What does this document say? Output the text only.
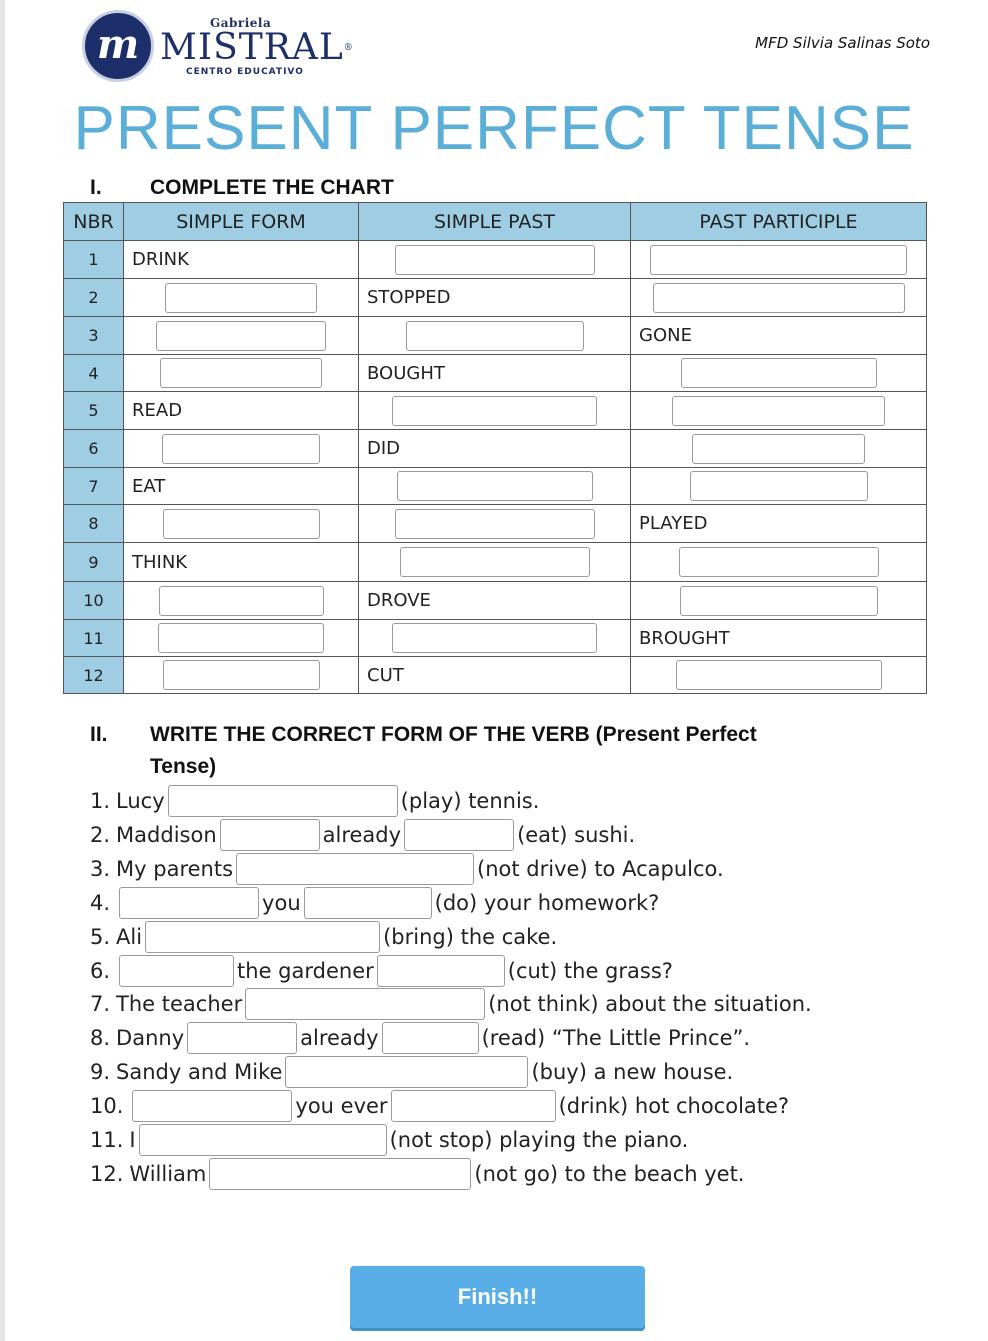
m	Gabriela
MISTRAL®
CENTRO EDUCATIVO
MFD Silvia Salinas Soto
PRESENT PERFECT TENSE
I. COMPLETE THE CHART
NBR	SIMPLE FORM	SIMPLE PAST	PAST PARTICIPLE
1	DRINK	

2		STOPPED	

3			GONE
4		BOUGHT	

5	READ	

6		DID	

7	EAT	

8			PLAYED
9	THINK	

10		DROVE	

11			BROUGHT
12		CUT	
II. WRITE THE CORRECT FORM OF THE VERB (Present Perfect
Tense)
1. Lucy	(play) tennis.
2. Maddison	already	(eat) sushi.
3. My parents	(not drive) to Acapulco.
4.	you	(do) your homework?
5. Ali	(bring) the cake.
6.	the gardener	(cut) the grass?
7. The teacher	(not think) about the situation.
8. Danny	already	(read) “The Little Prince”.
9. Sandy and Mike	(buy) a new house.
10.	you ever	(drink) hot chocolate?
11. I	(not stop) playing the piano.
12. William	(not go) to the beach yet.
Finish!!
